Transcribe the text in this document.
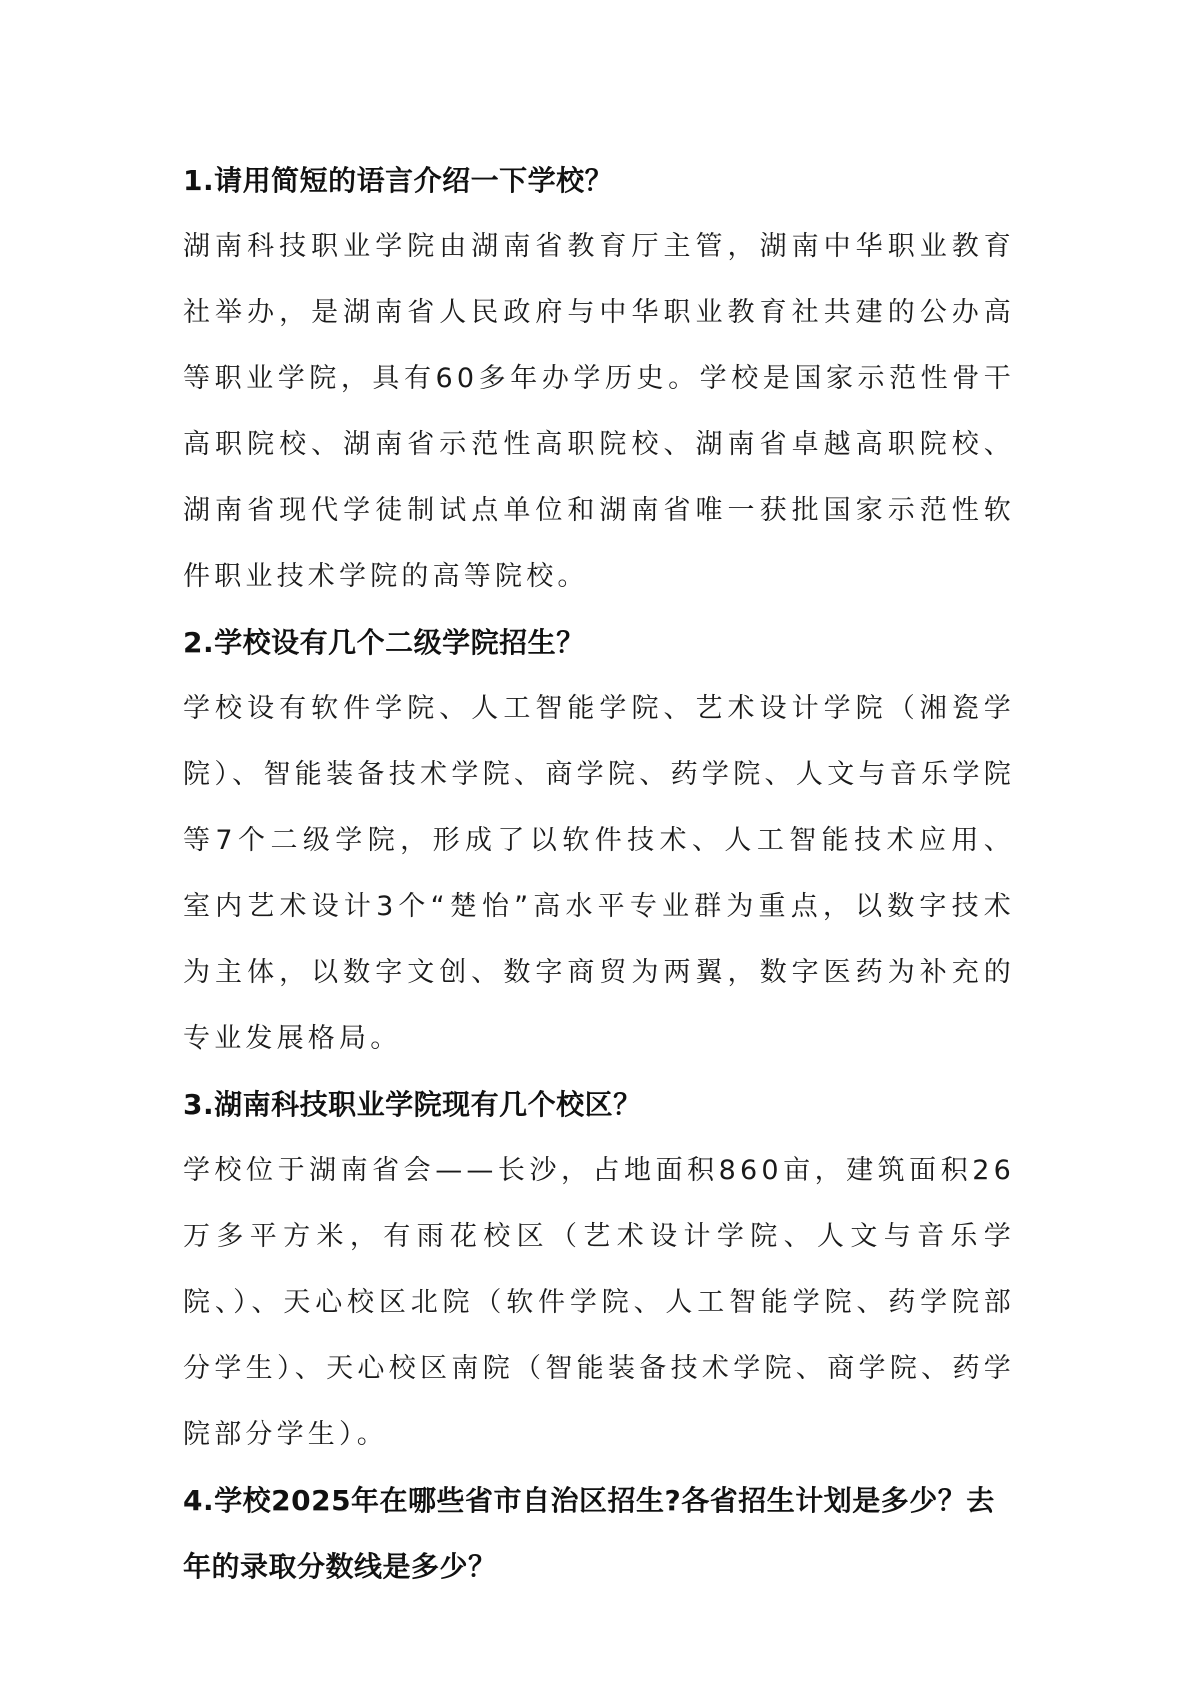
1.请用简短的语言介绍一下学校？

湖南科技职业学院由湖南省教育厅主管，湖南中华职业教育社举办，是湖南省人民政府与中华职业教育社共建的公办高等职业学院，具有60多年办学历史。学校是国家示范性骨干高职院校、湖南省示范性高职院校、湖南省卓越高职院校、湖南省现代学徒制试点单位和湖南省唯一获批国家示范性软件职业技术学院的高等院校。

2.学校设有几个二级学院招生？

学校设有软件学院、人工智能学院、艺术设计学院（湘瓷学院）、智能装备技术学院、商学院、药学院、人文与音乐学院等7个二级学院，形成了以软件技术、人工智能技术应用、室内艺术设计3个“楚怡”高水平专业群为重点，以数字技术为主体，以数字文创、数字商贸为两翼，数字医药为补充的专业发展格局。

3.湖南科技职业学院现有几个校区？

学校位于湖南省会——长沙，占地面积860亩，建筑面积26万多平方米，有雨花校区（艺术设计学院、人文与音乐学院、）、天心校区北院（软件学院、人工智能学院、药学院部分学生）、天心校区南院（智能装备技术学院、商学院、药学院部分学生）。

4.学校2025年在哪些省市自治区招生?各省招生计划是多少？去年的录取分数线是多少？
